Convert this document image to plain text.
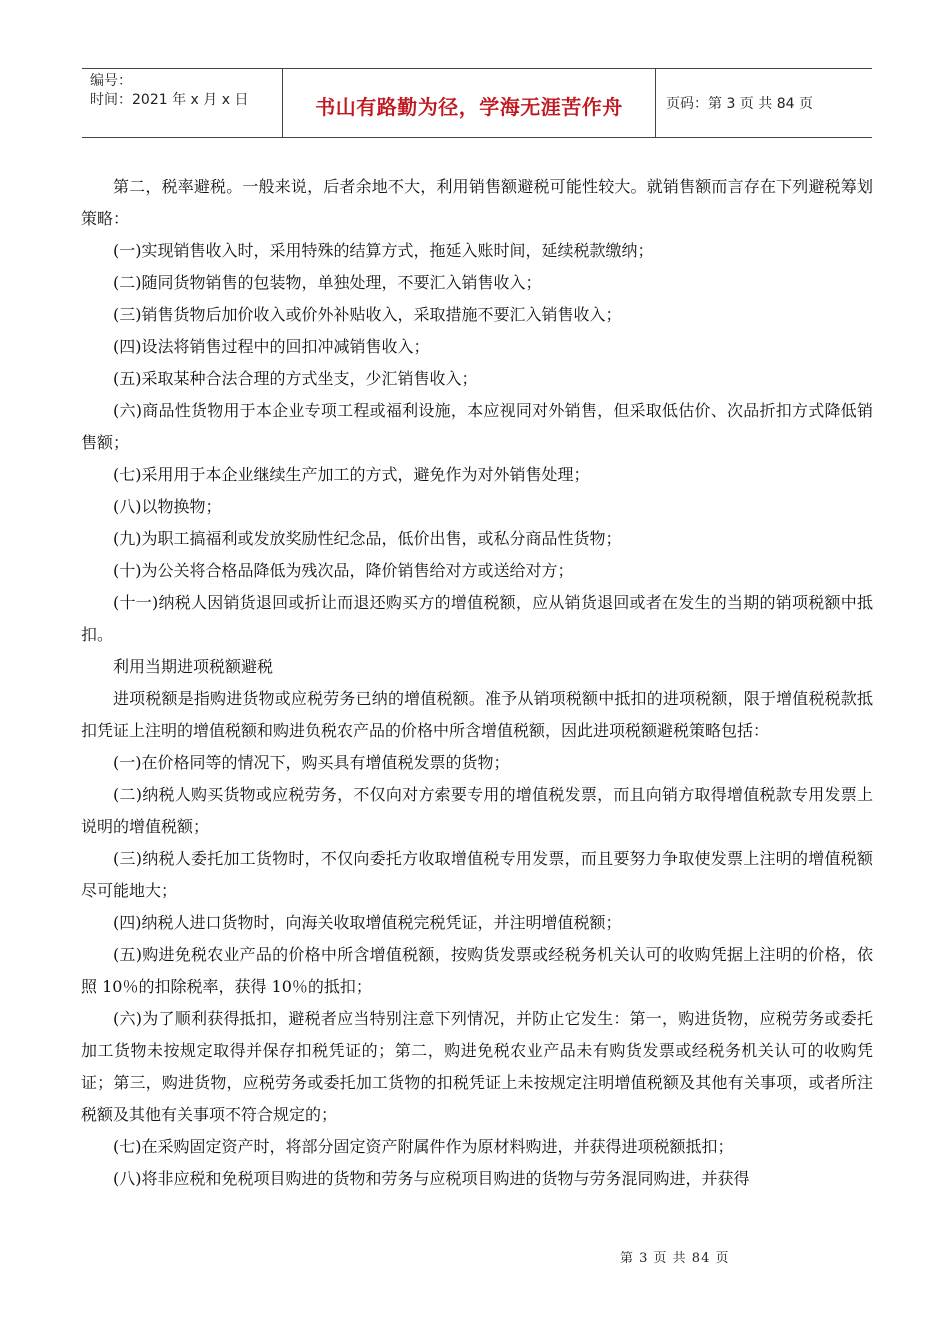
编号：
时间：2021 年 x 月 x 日	书山有路勤为径，学海无涯苦作舟	页码：第 3 页 共 84 页

第二，税率避税。一般来说，后者余地不大，利用销售额避税可能性较大。就销售额而言存在下列避税筹划策略：

(一)实现销售收入时，采用特殊的结算方式，拖延入账时间，延续税款缴纳；

(二)随同货物销售的包装物，单独处理，不要汇入销售收入；

(三)销售货物后加价收入或价外补贴收入，采取措施不要汇入销售收入；

(四)设法将销售过程中的回扣冲减销售收入；

(五)采取某种合法合理的方式坐支，少汇销售收入；

(六)商品性货物用于本企业专项工程或福利设施，本应视同对外销售，但采取低估价、次品折扣方式降低销售额；

(七)采用用于本企业继续生产加工的方式，避免作为对外销售处理；

(八)以物换物；

(九)为职工搞福利或发放奖励性纪念品，低价出售，或私分商品性货物；

(十)为公关将合格品降低为残次品，降价销售给对方或送给对方；

(十一)纳税人因销货退回或折让而退还购买方的增值税额，应从销货退回或者在发生的当期的销项税额中抵扣。

利用当期进项税额避税

进项税额是指购进货物或应税劳务已纳的增值税额。准予从销项税额中抵扣的进项税额，限于增值税税款抵扣凭证上注明的增值税额和购进负税农产品的价格中所含增值税额，因此进项税额避税策略包括：

(一)在价格同等的情况下，购买具有增值税发票的货物；

(二)纳税人购买货物或应税劳务，不仅向对方索要专用的增值税发票，而且向销方取得增值税款专用发票上说明的增值税额；

(三)纳税人委托加工货物时，不仅向委托方收取增值税专用发票，而且要努力争取使发票上注明的增值税额尽可能地大；

(四)纳税人进口货物时，向海关收取增值税完税凭证，并注明增值税额；

(五)购进免税农业产品的价格中所含增值税额，按购货发票或经税务机关认可的收购凭据上注明的价格，依照 10％的扣除税率，获得 10％的抵扣；

(六)为了顺利获得抵扣，避税者应当特别注意下列情况，并防止它发生：第一，购进货物，应税劳务或委托加工货物未按规定取得并保存扣税凭证的；第二，购进免税农业产品未有购货发票或经税务机关认可的收购凭证；第三，购进货物，应税劳务或委托加工货物的扣税凭证上未按规定注明增值税额及其他有关事项，或者所注税额及其他有关事项不符合规定的；

(七)在采购固定资产时，将部分固定资产附属件作为原材料购进，并获得进项税额抵扣；

(八)将非应税和免税项目购进的货物和劳务与应税项目购进的货物与劳务混同购进，并获得

第 3 页 共 84 页
